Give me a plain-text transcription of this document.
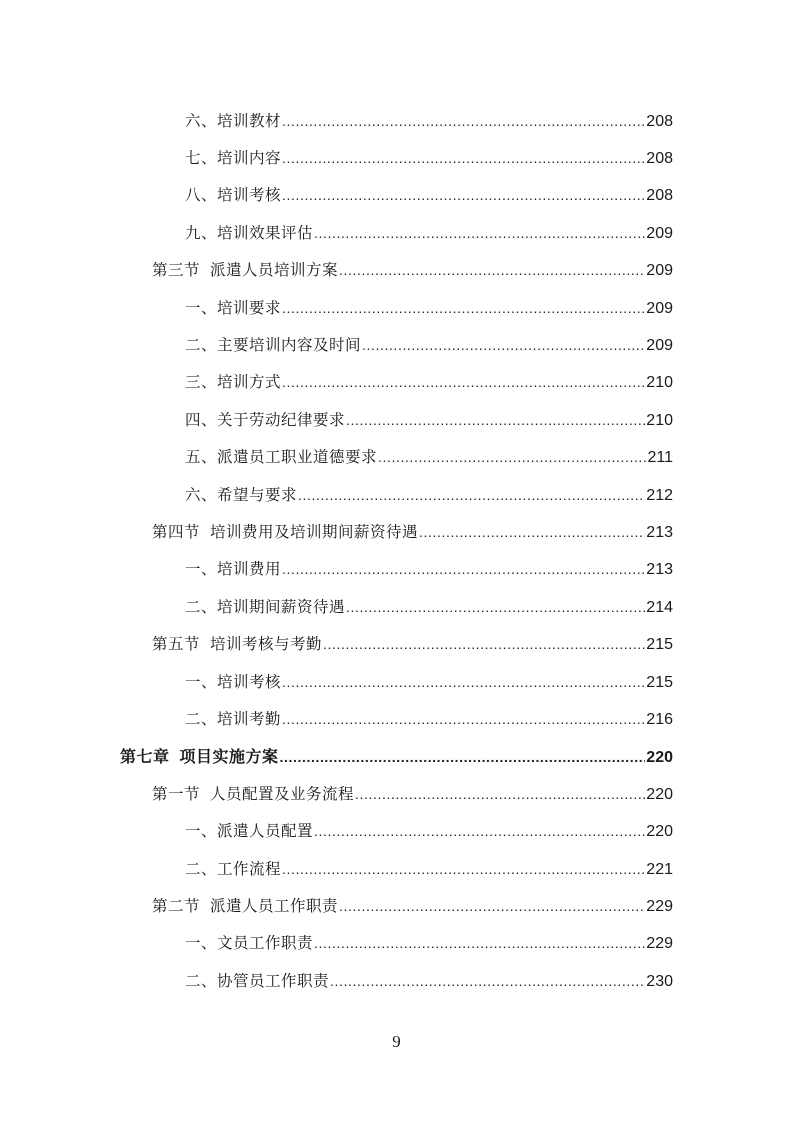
六、培训教材 .....	208
七、培训内容 .....	208
八、培训考核 .....	208
九、培训效果评估 .....	209
第三节 派遣人员培训方案 .....	209
一、培训要求 .....	209
二、主要培训内容及时间 .....	209
三、培训方式 .....	210
四、关于劳动纪律要求 .....	210
五、派遣员工职业道德要求 .....	211
六、希望与要求 .....	212
第四节 培训费用及培训期间薪资待遇 .....	213
一、培训费用 .....	213
二、培训期间薪资待遇 .....	214
第五节 培训考核与考勤 .....	215
一、培训考核 .....	215
二、培训考勤 .....	216
第七章 项目实施方案 .....	220
第一节 人员配置及业务流程 .....	220
一、派遣人员配置 .....	220
二、工作流程 .....	221
第二节 派遣人员工作职责 .....	229
一、文员工作职责 .....	229
二、协管员工作职责 .....	230
9
